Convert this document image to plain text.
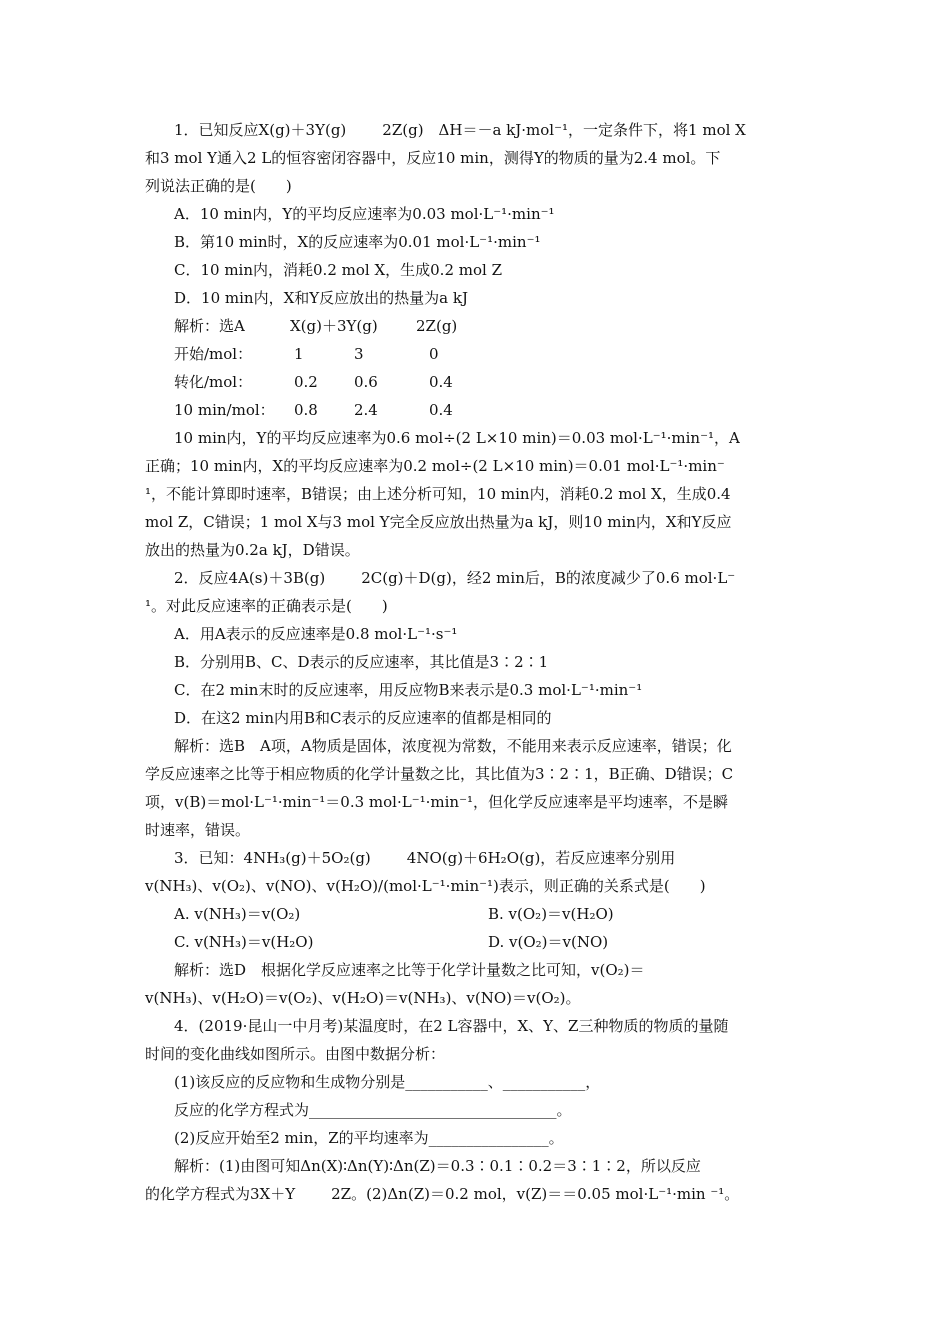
1．已知反应X(g)＋3Y(g) 2Z(g)　ΔH＝－a kJ·mol⁻¹，一定条件下，将1 mol X

和3 mol Y通入2 L的恒容密闭容器中，反应10 min，测得Y的物质的量为2.4 mol。下

列说法正确的是(　　)

A．10 min内，Y的平均反应速率为0.03 mol·L⁻¹·min⁻¹

B．第10 min时，X的反应速率为0.01 mol·L⁻¹·min⁻¹

C．10 min内，消耗0.2 mol X，生成0.2 mol Z

D．10 min内，X和Y反应放出的热量为a kJ

解析：选A	X(g)＋3Y(g)	2Z(g)
开始/mol：	1	3	0
转化/mol：	0.2	0.6	0.4
10 min/mol：	0.8	2.4	0.4

10 min内，Y的平均反应速率为0.6 mol÷(2 L×10 min)＝0.03 mol·L⁻¹·min⁻¹，A

正确；10 min内，X的平均反应速率为0.2 mol÷(2 L×10 min)＝0.01 mol·L⁻¹·min⁻

¹，不能计算即时速率，B错误；由上述分析可知，10 min内，消耗0.2 mol X，生成0.4

mol Z，C错误；1 mol X与3 mol Y完全反应放出热量为a kJ，则10 min内，X和Y反应

放出的热量为0.2a kJ，D错误。

2．反应4A(s)＋3B(g) 2C(g)＋D(g)，经2 min后，B的浓度减少了0.6 mol·L⁻

¹。对此反应速率的正确表示是(　　)

A．用A表示的反应速率是0.8 mol·L⁻¹·s⁻¹

B．分别用B、C、D表示的反应速率，其比值是3∶2∶1

C．在2 min末时的反应速率，用反应物B来表示是0.3 mol·L⁻¹·min⁻¹

D．在这2 min内用B和C表示的反应速率的值都是相同的

解析：选B　A项，A物质是固体，浓度视为常数，不能用来表示反应速率，错误；化

学反应速率之比等于相应物质的化学计量数之比，其比值为3∶2∶1，B正确、D错误；C

项，v(B)＝mol·L⁻¹·min⁻¹＝0.3 mol·L⁻¹·min⁻¹，但化学反应速率是平均速率，不是瞬

时速率，错误。

3．已知：4NH₃(g)＋5O₂(g) 4NO(g)＋6H₂O(g)，若反应速率分别用

v(NH₃)、v(O₂)、v(NO)、v(H₂O)/(mol·L⁻¹·min⁻¹)表示，则正确的关系式是(　　)

A. v(NH₃)＝v(O₂)	B. v(O₂)＝v(H₂O)
C. v(NH₃)＝v(H₂O)	D. v(O₂)＝v(NO)

解析：选D　根据化学反应速率之比等于化学计量数之比可知，v(O₂)＝

v(NH₃)、v(H₂O)＝v(O₂)、v(H₂O)＝v(NH₃)、v(NO)＝v(O₂)。

4．(2019·昆山一中月考)某温度时，在2 L容器中，X、Y、Z三种物质的物质的量随

时间的变化曲线如图所示。由图中数据分析：

(1)该反应的反应物和生成物分别是___________、___________，

反应的化学方程式为_________________________________。

(2)反应开始至2 min，Z的平均速率为________________。

解析：(1)由图可知Δn(X)∶Δn(Y)∶Δn(Z)＝0.3∶0.1∶0.2＝3∶1∶2，所以反应

的化学方程式为3X＋Y 2Z。(2)Δn(Z)＝0.2 mol，v(Z)＝＝0.05 mol·L⁻¹·min ⁻¹。
